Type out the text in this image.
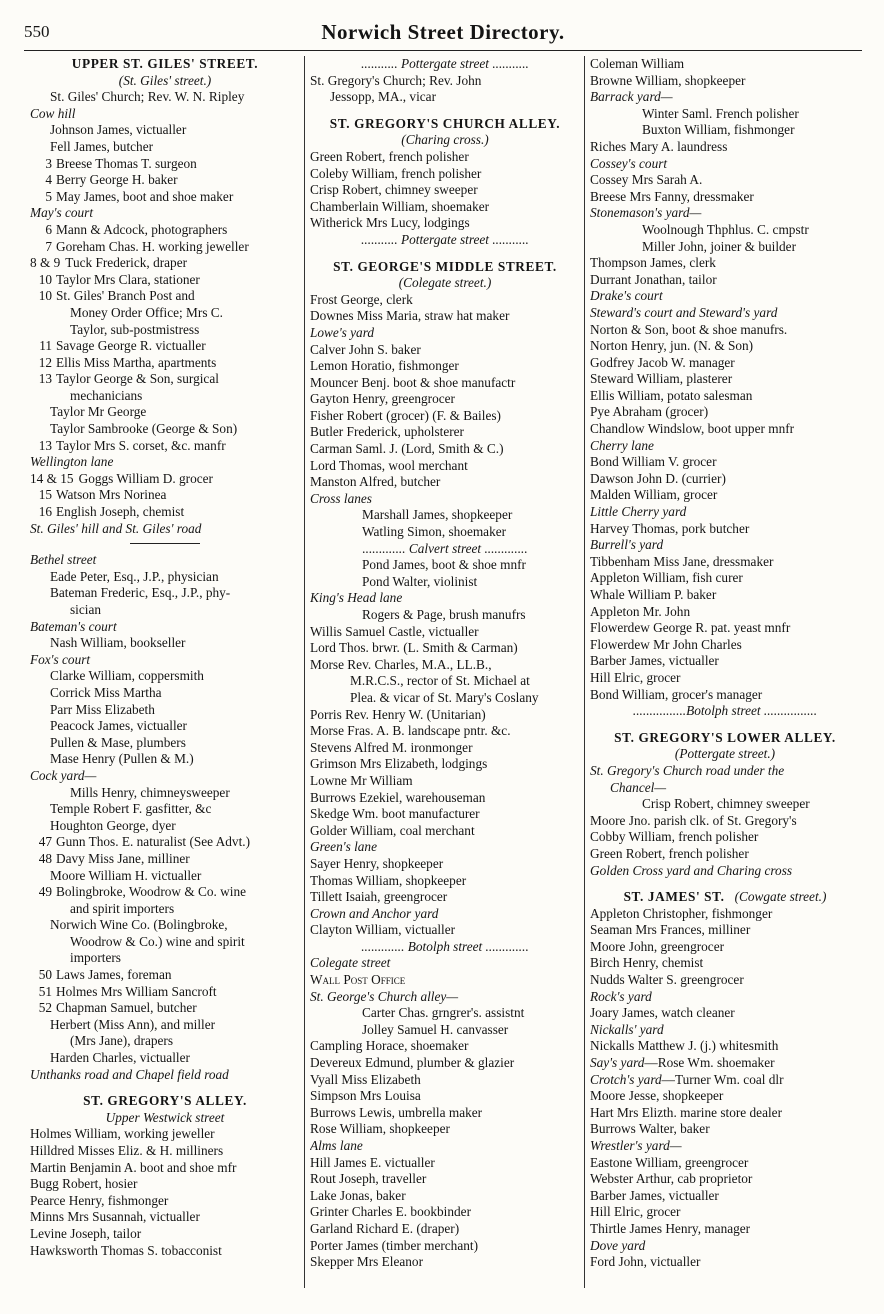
550	Norwich Street Directory.
UPPER ST. GILES' STREET.
(St. Giles' street.)
St. Giles' Church; Rev. W. N. Ripley
Cow hill
Johnson James, victualler
Fell James, butcher
3 Breese Thomas T. surgeon
4 Berry George H. baker
5 May James, boot and shoe maker
May's court
6 Mann & Adcock, photographers
7 Goreham Chas. H. working jeweller
8 & 9 Tuck Frederick, draper
10 Taylor Mrs Clara, stationer
10 St. Giles' Branch Post and
Money Order Office; Mrs C.
Taylor, sub-postmistress
11 Savage George R. victualler
12 Ellis Miss Martha, apartments
13 Taylor George & Son, surgical
mechanicians
Taylor Mr George
Taylor Sambrooke (George & Son)
13 Taylor Mrs S. corset, &c. manfr
Wellington lane
14 & 15 Goggs William D. grocer
15 Watson Mrs Norinea
16 English Joseph, chemist
St. Giles' hill and St. Giles' road
Bethel street
Eade Peter, Esq., J.P., physician
Bateman Frederic, Esq., J.P., phy-
sician
Bateman's court
Nash William, bookseller
Fox's court
Clarke William, coppersmith
Corrick Miss Martha
Parr Miss Elizabeth
Peacock James, victualler
Pullen & Mase, plumbers
Mase Henry (Pullen & M.)
Cock yard—
Mills Henry, chimneysweeper
Temple Robert F. gasfitter, &c
Houghton George, dyer
47 Gunn Thos. E. naturalist (See Advt.)
48 Davy Miss Jane, milliner
Moore William H. victualler
49 Bolingbroke, Woodrow & Co. wine
and spirit importers
Norwich Wine Co. (Bolingbroke,
Woodrow & Co.) wine and spirit
importers
50 Laws James, foreman
51 Holmes Mrs William Sancroft
52 Chapman Samuel, butcher
Herbert (Miss Ann), and miller
(Mrs Jane), drapers
Harden Charles, victualler
Unthanks road and Chapel field road
ST. GREGORY'S ALLEY.
Upper Westwick street
Holmes William, working jeweller
Hilldred Misses Eliz. & H. milliners
Martin Benjamin A. boot and shoe mfr
Bugg Robert, hosier
Pearce Henry, fishmonger
Minns Mrs Susannah, victualler
Levine Joseph, tailor
Hawksworth Thomas S. tobacconist
........... Pottergate street ...........
St. Gregory's Church; Rev. John
Jessopp, MA., vicar
ST. GREGORY'S CHURCH ALLEY.
(Charing cross.)
Green Robert, french polisher
Coleby William, french polisher
Crisp Robert, chimney sweeper
Chamberlain William, shoemaker
Witherick Mrs Lucy, lodgings
........... Pottergate street ...........
ST. GEORGE'S MIDDLE STREET.
(Colegate street.)
Frost George, clerk
Downes Miss Maria, straw hat maker
Lowe's yard
Calver John S. baker
Lemon Horatio, fishmonger
Mouncer Benj. boot & shoe manufactr
Gayton Henry, greengrocer
Fisher Robert (grocer) (F. & Bailes)
Butler Frederick, upholsterer
Carman Saml. J. (Lord, Smith & C.)
Lord Thomas, wool merchant
Manston Alfred, butcher
Cross lanes
Marshall James, shopkeeper
Watling Simon, shoemaker
............. Calvert street .............
Pond James, boot & shoe mnfr
Pond Walter, violinist
King's Head lane
Rogers & Page, brush manufrs
Willis Samuel Castle, victualler
Lord Thos. brwr. (L. Smith & Carman)
Morse Rev. Charles, M.A., LL.B.,
M.R.C.S., rector of St. Michael at
Plea. & vicar of St. Mary's Coslany
Porris Rev. Henry W. (Unitarian)
Morse Fras. A. B. landscape pntr. &c.
Stevens Alfred M. ironmonger
Grimson Mrs Elizabeth, lodgings
Lowne Mr William
Burrows Ezekiel, warehouseman
Skedge Wm. boot manufacturer
Golder William, coal merchant
Green's lane
Sayer Henry, shopkeeper
Thomas William, shopkeeper
Tillett Isaiah, greengrocer
Crown and Anchor yard
Clayton William, victualler
............. Botolph street .............
Colegate street
Wall Post Office
St. George's Church alley—
Carter Chas. grngrer's. assistnt
Jolley Samuel H. canvasser
Campling Horace, shoemaker
Devereux Edmund, plumber & glazier
Vyall Miss Elizabeth
Simpson Mrs Louisa
Burrows Lewis, umbrella maker
Rose William, shopkeeper
Alms lane
Hill James E. victualler
Rout Joseph, traveller
Lake Jonas, baker
Grinter Charles E. bookbinder
Garland Richard E. (draper)
Porter James (timber merchant)
Skepper Mrs Eleanor
Coleman William
Browne William, shopkeeper
Barrack yard—
Winter Saml. French polisher
Buxton William, fishmonger
Riches Mary A. laundress
Cossey's court
Cossey Mrs Sarah A.
Breese Mrs Fanny, dressmaker
Stonemason's yard—
Woolnough Thphlus. C. cmpstr
Miller John, joiner & builder
Thompson James, clerk
Durrant Jonathan, tailor
Drake's court
Steward's court and Steward's yard
Norton & Son, boot & shoe manufrs.
Norton Henry, jun. (N. & Son)
Godfrey Jacob W. manager
Steward William, plasterer
Ellis William, potato salesman
Pye Abraham (grocer)
Chandlow Windslow, boot upper mnfr
Cherry lane
Bond William V. grocer
Dawson John D. (currier)
Malden William, grocer
Little Cherry yard
Harvey Thomas, pork butcher
Burrell's yard
Tibbenham Miss Jane, dressmaker
Appleton William, fish curer
Whale William P. baker
Appleton Mr. John
Flowerdew George R. pat. yeast mnfr
Flowerdew Mr John Charles
Barber James, victualler
Hill Elric, grocer
Bond William, grocer's manager
................Botolph street ................
ST. GREGORY'S LOWER ALLEY.
(Pottergate street.)
St. Gregory's Church road under the
Chancel—
Crisp Robert, chimney sweeper
Moore Jno. parish clk. of St. Gregory's
Cobby William, french polisher
Green Robert, french polisher
Golden Cross yard and Charing cross
ST. JAMES' ST. (Cowgate street.)
Appleton Christopher, fishmonger
Seaman Mrs Frances, milliner
Moore John, greengrocer
Birch Henry, chemist
Nudds Walter S. greengrocer
Rock's yard
Joary James, watch cleaner
Nickalls' yard
Nickalls Matthew J. (j.) whitesmith
Say's yard—Rose Wm. shoemaker
Crotch's yard—Turner Wm. coal dlr
Moore Jesse, shopkeeper
Hart Mrs Elizth. marine store dealer
Burrows Walter, baker
Wrestler's yard—
Eastone William, greengrocer
Webster Arthur, cab proprietor
Barber James, victualler
Hill Elric, grocer
Thirtle James Henry, manager
Dove yard
Ford John, victualler
